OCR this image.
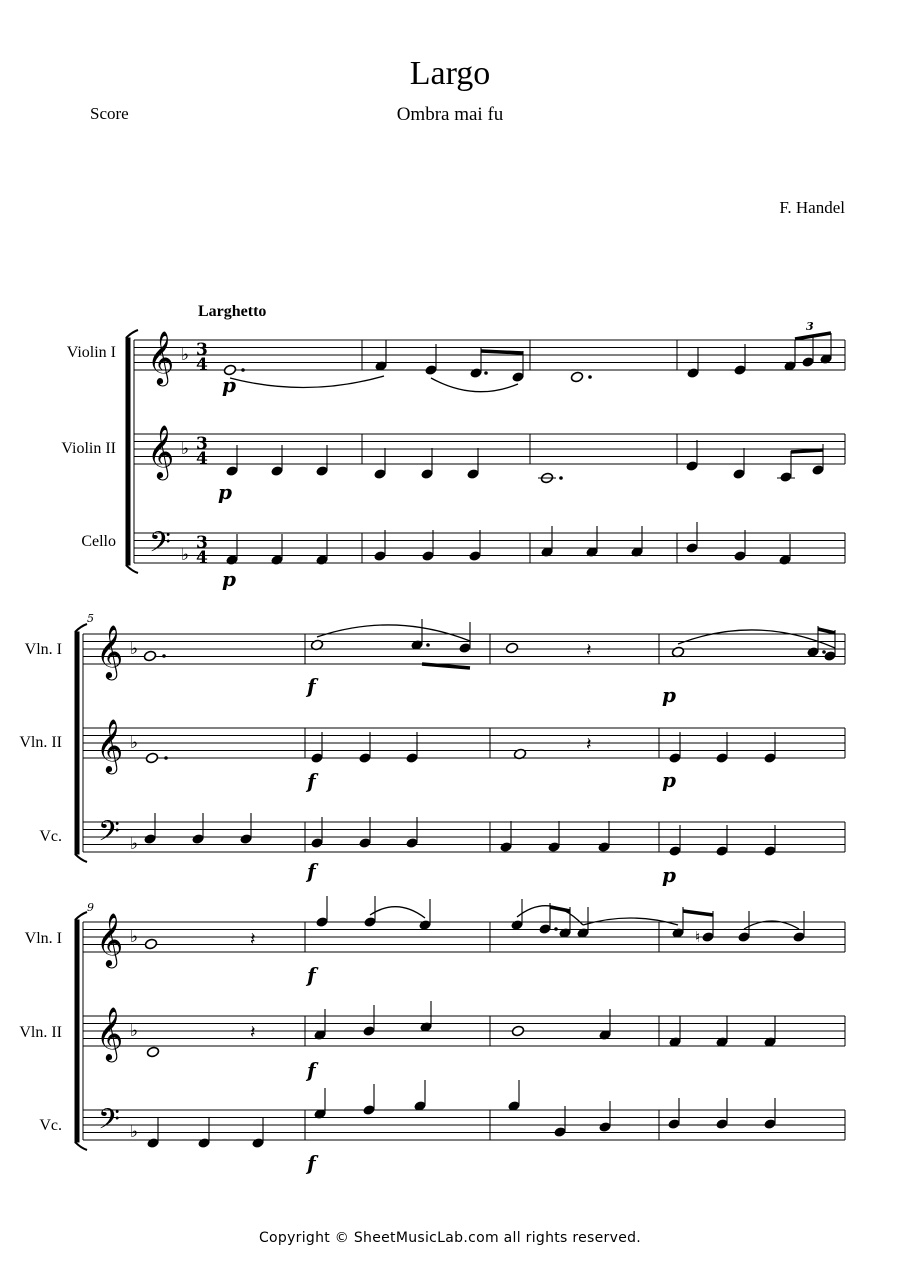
Largo
Ombra mai fu
Score
F. Handel
Larghetto
Violin I
Violin II
Cello
Vln. I
Vln. II
Vc.
Vln. I
Vln. II
Vc.
Copyright © SheetMusicLab.com all rights reserved.
𝄞
𝄞
𝄢
♭
♭
♭
3
4
3
4
3
4
p
3
p
p
𝄞
𝄞
𝄢
♭
♭
♭
5
f
𝄽
p
f
𝄽
p
f	p
𝄞
𝄞
𝄢
♭
♭
♭
9
𝄽
f
♮
𝄽
f
f
